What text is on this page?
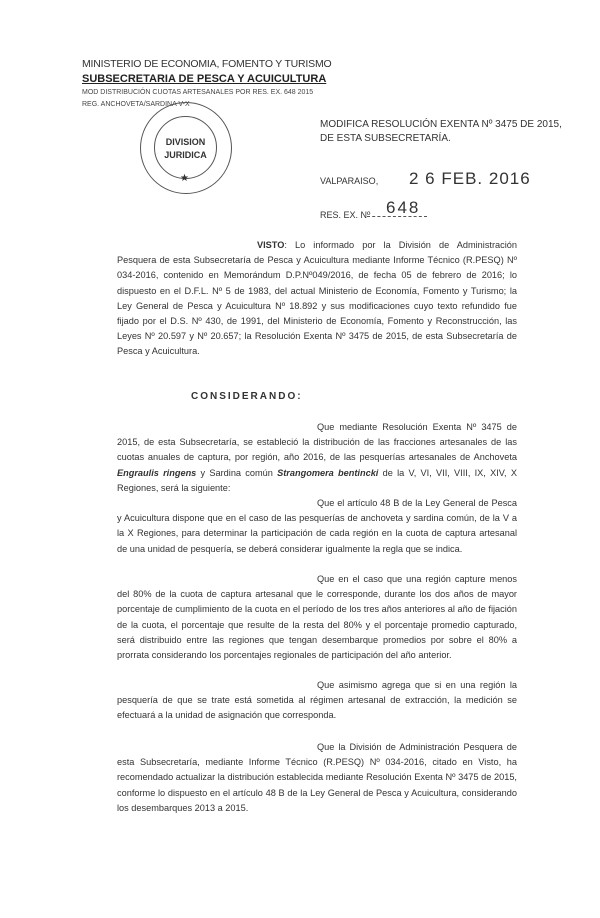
MINISTERIO DE ECONOMIA, FOMENTO Y TURISMO
SUBSECRETARIA DE PESCA Y ACUICULTURA
MOD DISTRIBUCIÓN CUOTAS ARTESANALES POR RES. EX. 648 2015
REG. ANCHOVETA/SARDINA V-X
DIVISION
JURIDICA
★
MODIFICA RESOLUCIÓN EXENTA Nº 3475 DE 2015, DE ESTA SUBSECRETARÍA.
VALPARAISO, 2 6 FEB. 2016
RES. EX. Nº 648
VISTO: Lo informado por la División de Administración Pesquera de esta Subsecretaría de Pesca y Acuicultura mediante Informe Técnico (R.PESQ) Nº 034-2016, contenido en Memorándum D.P.Nº049/2016, de fecha 05 de febrero de 2016; lo dispuesto en el D.F.L. Nº 5 de 1983, del actual Ministerio de Economía, Fomento y Turismo; la Ley General de Pesca y Acuicultura Nº 18.892 y sus modificaciones cuyo texto refundido fue fijado por el D.S. Nº 430, de 1991, del Ministerio de Economía, Fomento y Reconstrucción, las Leyes Nº 20.597 y Nº 20.657; la Resolución Exenta Nº 3475 de 2015, de esta Subsecretaría de Pesca y Acuicultura.
CONSIDERANDO:
Que mediante Resolución Exenta Nº 3475 de 2015, de esta Subsecretaría, se estableció la distribución de las fracciones artesanales de las cuotas anuales de captura, por región, año 2016, de las pesquerías artesanales de Anchoveta Engraulis ringens y Sardina común Strangomera bentincki de la V, VI, VII, VIII, IX, XIV, X Regiones, será la siguiente:
Que el artículo 48 B de la Ley General de Pesca y Acuicultura dispone que en el caso de las pesquerías de anchoveta y sardina común, de la V a la X Regiones, para determinar la participación de cada región en la cuota de captura artesanal de una unidad de pesquería, se deberá considerar igualmente la regla que se indica.
Que en el caso que una región capture menos del 80% de la cuota de captura artesanal que le corresponde, durante los dos años de mayor porcentaje de cumplimiento de la cuota en el período de los tres años anteriores al año de fijación de la cuota, el porcentaje que resulte de la resta del 80% y el porcentaje promedio capturado, será distribuido entre las regiones que tengan desembarque promedios por sobre el 80% a prorrata considerando los porcentajes regionales de participación del año anterior.
Que asimismo agrega que si en una región la pesquería de que se trate está sometida al régimen artesanal de extracción, la medición se efectuará a la unidad de asignación que corresponda.
Que la División de Administración Pesquera de esta Subsecretaría, mediante Informe Técnico (R.PESQ) Nº 034-2016, citado en Visto, ha recomendado actualizar la distribución establecida mediante Resolución Exenta Nº 3475 de 2015, conforme lo dispuesto en el artículo 48 B de la Ley General de Pesca y Acuicultura, considerando los desembarques 2013 a 2015.
